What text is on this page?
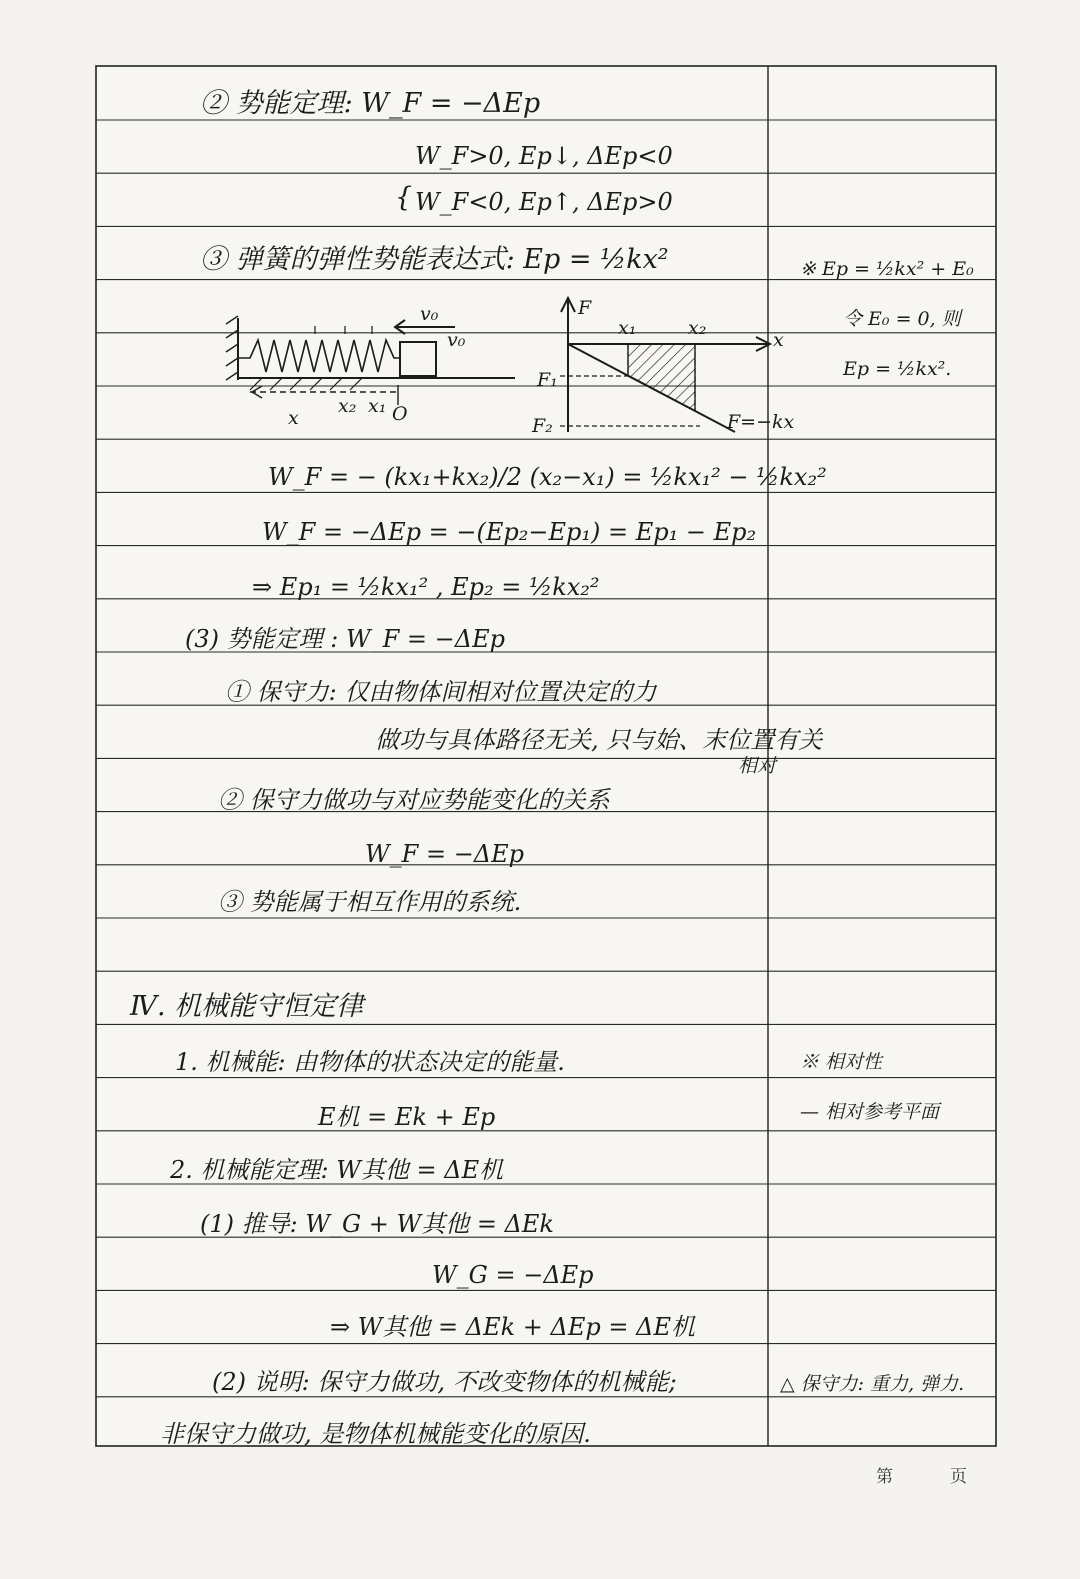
② 势能定理: W_F = −ΔEp
W_F>0, Ep↓, ΔEp<0
{ W_F<0, Ep↑, ΔEp>0
③ 弹簧的弹性势能表达式: Ep = ½kx²
W_F = − (kx₁+kx₂)/2 (x₂−x₁) = ½kx₁² − ½kx₂²
W_F = −ΔEp = −(Ep₂−Ep₁) = Ep₁ − Ep₂
⇒ Ep₁ = ½kx₁² , Ep₂ = ½kx₂²
(3) 势能定理 : W_F = −ΔEp
① 保守力: 仅由物体间相对位置决定的力
做功与具体路径无关, 只与始、末位置有关
相对
② 保守力做功与对应势能变化的关系
W_F = −ΔEp
③ 势能属于相互作用的系统.
Ⅳ. 机械能守恒定律
1. 机械能: 由物体的状态决定的能量.
E机 = Ek + Ep
2. 机械能定理: W其他 = ΔE机
(1) 推导: W_G + W其他 = ΔEk
W_G = −ΔEp
⇒ W其他 = ΔEk + ΔEp = ΔE机
(2) 说明: 保守力做功, 不改变物体的机械能;
非保守力做功, 是物体机械能变化的原因.
※ Ep = ½kx² + E₀
令 E₀ = 0, 则
Ep = ½kx².
※ 相对性
— 相对参考平面
△ 保守力: 重力, 弹力.
v₀
v₀
x
x₂ x₁ O
F
x
x₁	x₂
F₁
F₂	F=−kx
第	页
